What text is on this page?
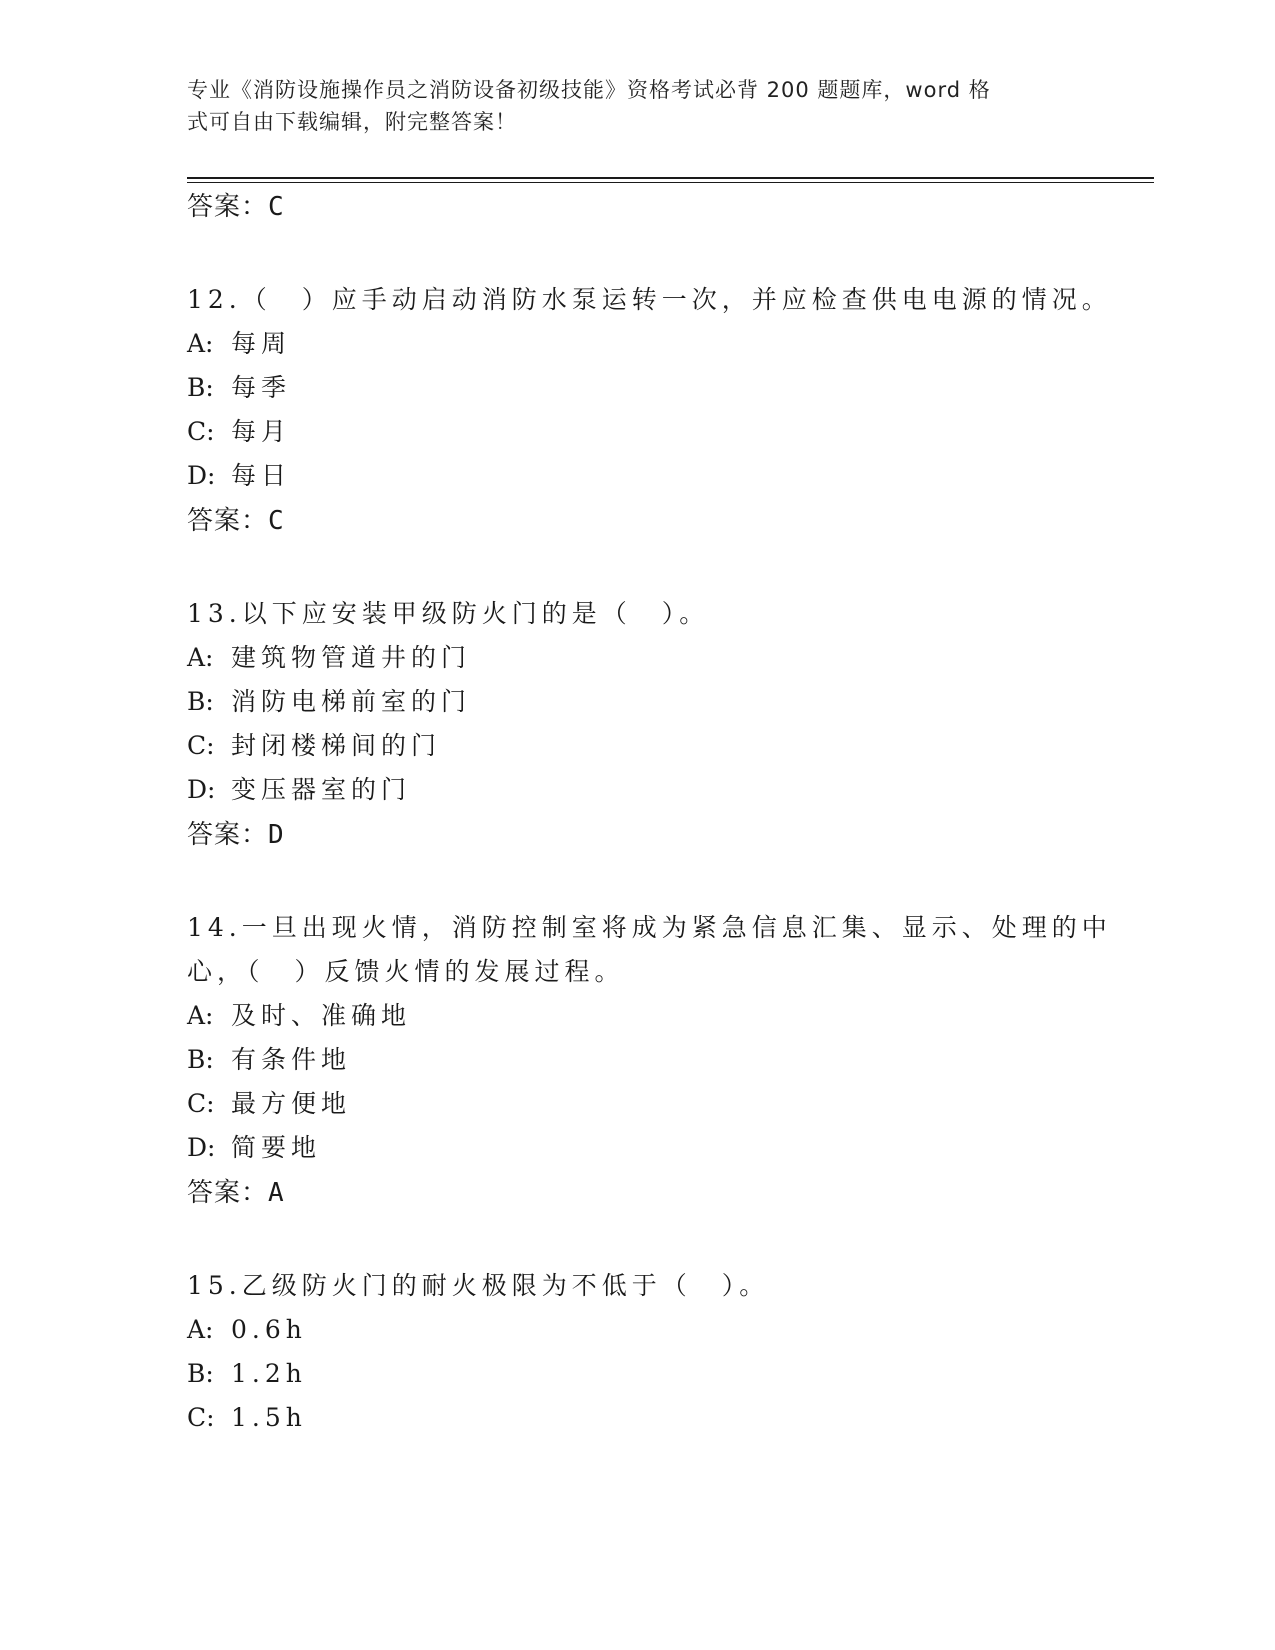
专业《消防设施操作员之消防设备初级技能》资格考试必背 200 题题库，word 格
式可自由下载编辑，附完整答案！
答案：C
12.（　）应手动启动消防水泵运转一次，并应检查供电电源的情况。
A: 每周
B: 每季
C: 每月
D: 每日
答案：C
13.以下应安装甲级防火门的是（　）。
A: 建筑物管道井的门
B: 消防电梯前室的门
C: 封闭楼梯间的门
D: 变压器室的门
答案：D
14.一旦出现火情，消防控制室将成为紧急信息汇集、显示、处理的中
心，（　）反馈火情的发展过程。
A: 及时、准确地
B: 有条件地
C: 最方便地
D: 简要地
答案：A
15.乙级防火门的耐火极限为不低于（　）。
A: 0.6h
B: 1.2h
C: 1.5h
